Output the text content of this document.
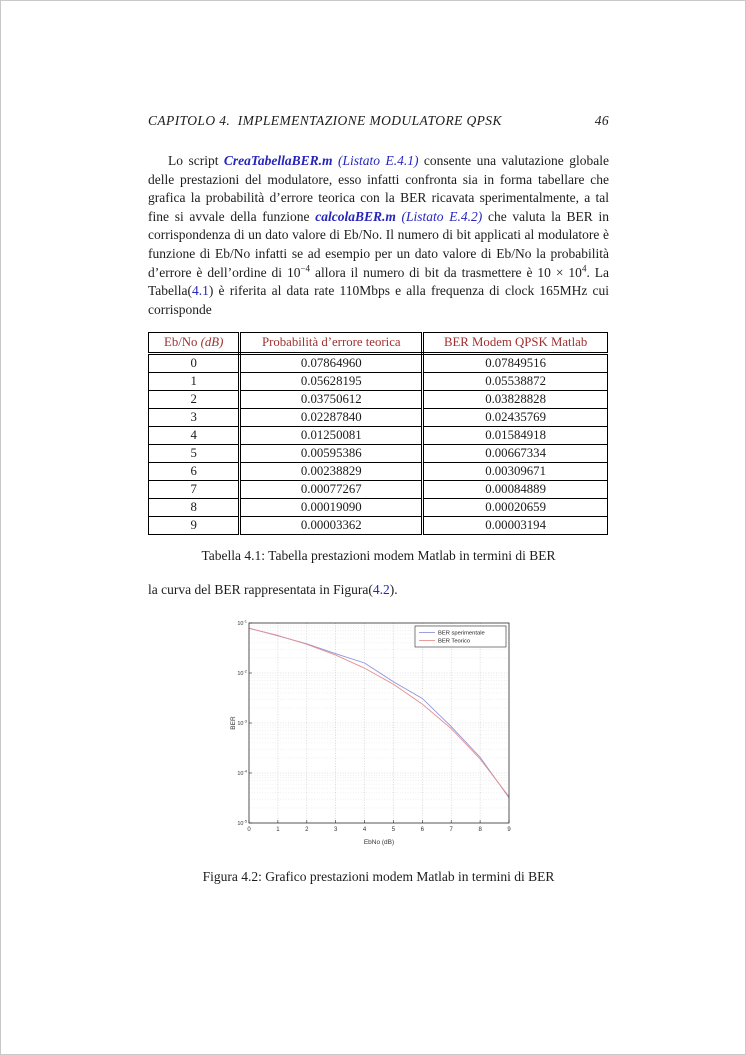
CAPITOLO 4.  IMPLEMENTAZIONE MODULATORE QPSK	46
Lo script CreaTabellaBER.m (Listato E.4.1) consente una valutazione globale delle prestazioni del modulatore, esso infatti confronta sia in forma tabellare che grafica la probabilità d’errore teorica con la BER ricavata sperimentalmente, a tal fine si avvale della funzione calcolaBER.m (Listato E.4.2) che valuta la BER in corrispondenza di un dato valore di Eb/No. Il numero di bit applicati al modulatore è funzione di Eb/No infatti se ad esempio per un dato valore di Eb/No la probabilità d’errore è dell’ordine di $10^{-4}$ allora il numero di bit da trasmettere è $10 \times 10^4$. La Tabella(4.1) è riferita al data rate 110Mbps e alla frequenza di clock 165MHz cui corrisponde
Eb/No (dB)	Probabilità d’errore teorica	BER Modem QPSK Matlab
0	0.07864960	0.07849516
1	0.05628195	0.05538872
2	0.03750612	0.03828828
3	0.02287840	0.02435769
4	0.01250081	0.01584918
5	0.00595386	0.00667334
6	0.00238829	0.00309671
7	0.00077267	0.00084889
8	0.00019090	0.00020659
9	0.00003362	0.00003194
Tabella 4.1: Tabella prestazioni modem Matlab in termini di BER
la curva del BER rappresentata in Figura(4.2).
0	1	2	3	4	5	6	7	8	9
$10^{-1}$
$10^{-2}$
$10^{-3}$
$10^{-4}$
$10^{-5}$
EbNo (dB)
BER
BER sperimentale
BER Teorico
Figura 4.2: Grafico prestazioni modem Matlab in termini di BER
